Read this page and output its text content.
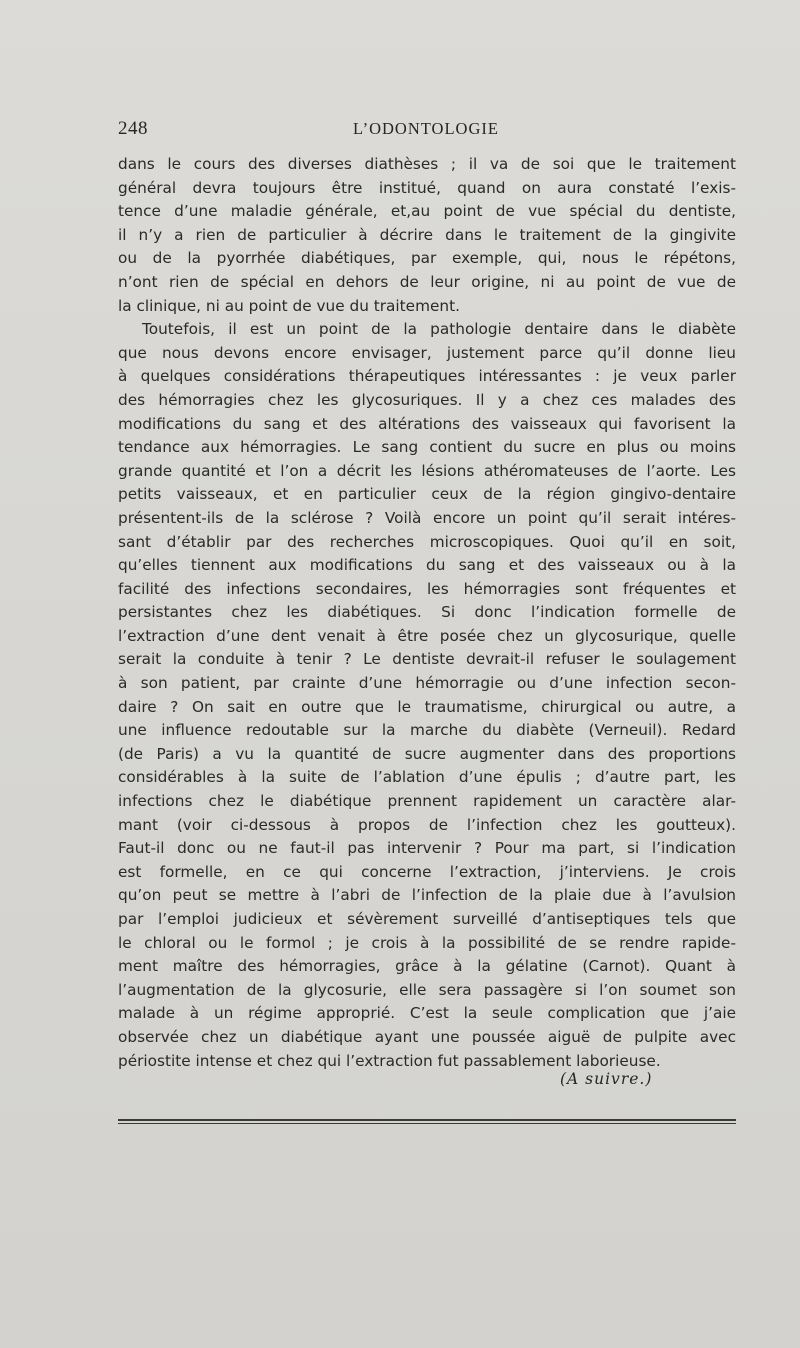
248	L’ODONTOLOGIE
dans le cours des diverses diathèses ; il va de soi que le traitement
général devra toujours être institué, quand on aura constaté l’exis-
tence d’une maladie générale, et,au point de vue spécial du dentiste,
il n’y a rien de particulier à décrire dans le traitement de la gingivite
ou de la pyorrhée diabétiques, par exemple, qui, nous le répétons,
n’ont rien de spécial en dehors de leur origine, ni au point de vue de
la clinique, ni au point de vue du traitement.
Toutefois, il est un point de la pathologie dentaire dans le diabète
que nous devons encore envisager, justement parce qu’il donne lieu
à quelques considérations thérapeutiques intéressantes : je veux parler
des hémorragies chez les glycosuriques. Il y a chez ces malades des
modifications du sang et des altérations des vaisseaux qui favorisent la
tendance aux hémorragies. Le sang contient du sucre en plus ou moins
grande quantité et l’on a décrit les lésions athéromateuses de l’aorte. Les
petits vaisseaux, et en particulier ceux de la région gingivo-dentaire
présentent-ils de la sclérose ? Voilà encore un point qu’il serait intéres-
sant d’établir par des recherches microscopiques. Quoi qu’il en soit,
qu’elles tiennent aux modifications du sang et des vaisseaux ou à la
facilité des infections secondaires, les hémorragies sont fréquentes et
persistantes chez les diabétiques. Si donc l’indication formelle de
l’extraction d’une dent venait à être posée chez un glycosurique, quelle
serait la conduite à tenir ? Le dentiste devrait-il refuser le soulagement
à son patient, par crainte d’une hémorragie ou d’une infection secon-
daire ? On sait en outre que le traumatisme, chirurgical ou autre, a
une influence redoutable sur la marche du diabète (Verneuil). Redard
(de Paris) a vu la quantité de sucre augmenter dans des proportions
considérables à la suite de l’ablation d’une épulis ; d’autre part, les
infections chez le diabétique prennent rapidement un caractère alar-
mant (voir ci-dessous à propos de l’infection chez les goutteux).
Faut-il donc ou ne faut-il pas intervenir ? Pour ma part, si l’indication
est formelle, en ce qui concerne l’extraction, j’interviens. Je crois
qu’on peut se mettre à l’abri de l’infection de la plaie due à l’avulsion
par l’emploi judicieux et sévèrement surveillé d’antiseptiques tels que
le chloral ou le formol ; je crois à la possibilité de se rendre rapide-
ment maître des hémorragies, grâce à la gélatine (Carnot). Quant à
l’augmentation de la glycosurie, elle sera passagère si l’on soumet son
malade à un régime approprié. C’est la seule complication que j’aie
observée chez un diabétique ayant une poussée aiguë de pulpite avec
périostite intense et chez qui l’extraction fut passablement laborieuse.
(A suivre.)
